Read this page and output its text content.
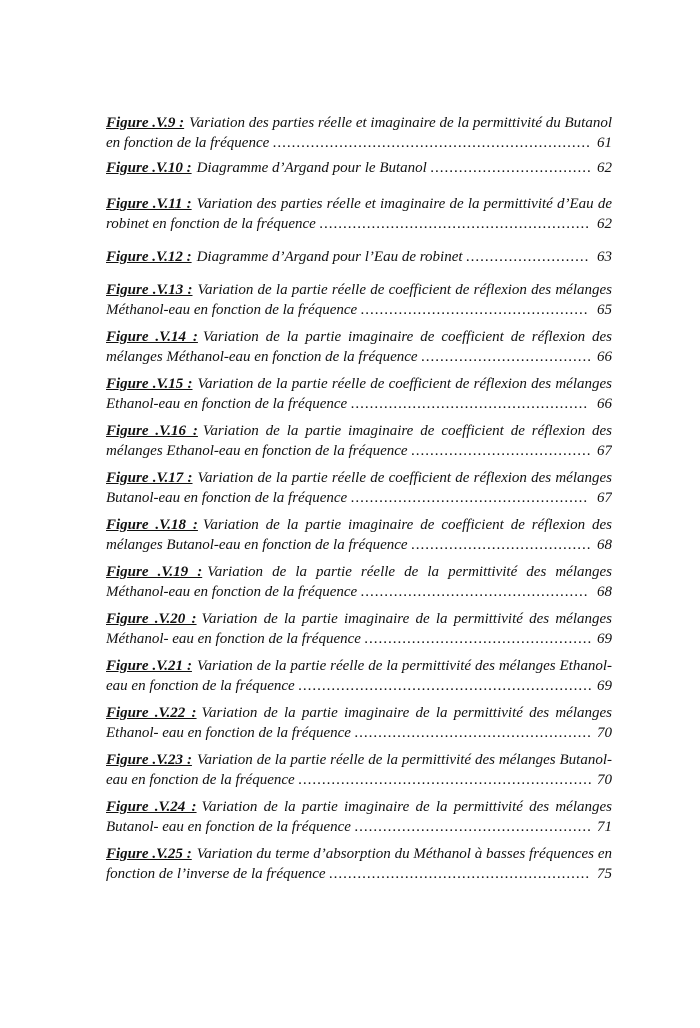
Figure .V.9 : Variation des parties réelle et imaginaire de la permittivité du Butanol en fonction de la fréquence ................................................................... 61

Figure .V.10 : Diagramme d’Argand pour le Butanol .................................. 62

Figure .V.11 : Variation des parties réelle et imaginaire de la permittivité d’Eau de robinet en fonction de la fréquence ......................................................... 62

Figure .V.12 : Diagramme d’Argand pour l’Eau de robinet .......................... 63

Figure .V.13 : Variation de la partie réelle de coefficient de réflexion des mélanges Méthanol-eau en fonction de la fréquence ................................................ 65

Figure .V.14 : Variation de la partie imaginaire de coefficient de réflexion des mélanges Méthanol-eau en fonction de la fréquence .................................... 66

Figure .V.15 : Variation de la partie réelle de coefficient de réflexion des mélanges Ethanol-eau en fonction de la fréquence .................................................. 66

Figure .V.16 : Variation de la partie imaginaire de coefficient de réflexion des mélanges Ethanol-eau en fonction de la fréquence ...................................... 67

Figure .V.17 : Variation de la partie réelle de coefficient de réflexion des mélanges Butanol-eau en fonction de la fréquence .................................................. 67

Figure .V.18 : Variation de la partie imaginaire de coefficient de réflexion des mélanges Butanol-eau en fonction de la fréquence ...................................... 68

Figure .V.19 : Variation de la partie réelle de la permittivité des mélanges Méthanol-eau en fonction de la fréquence ................................................ 68

Figure .V.20 : Variation de la partie imaginaire de la permittivité des mélanges Méthanol- eau en fonction de la fréquence ................................................ 69

Figure .V.21 : Variation de la partie réelle de la permittivité des mélanges Ethanol-eau en fonction de la fréquence .............................................................. 69

Figure .V.22 : Variation de la partie imaginaire de la permittivité des mélanges Ethanol- eau en fonction de la fréquence .................................................. 70

Figure .V.23 : Variation de la partie réelle de la permittivité des mélanges Butanol-eau en fonction de la fréquence .............................................................. 70

Figure .V.24 : Variation de la partie imaginaire de la permittivité des mélanges Butanol- eau en fonction de la fréquence .................................................. 71

Figure .V.25 : Variation du terme d’absorption du Méthanol à basses fréquences en fonction de l’inverse de la fréquence ....................................................... 75
